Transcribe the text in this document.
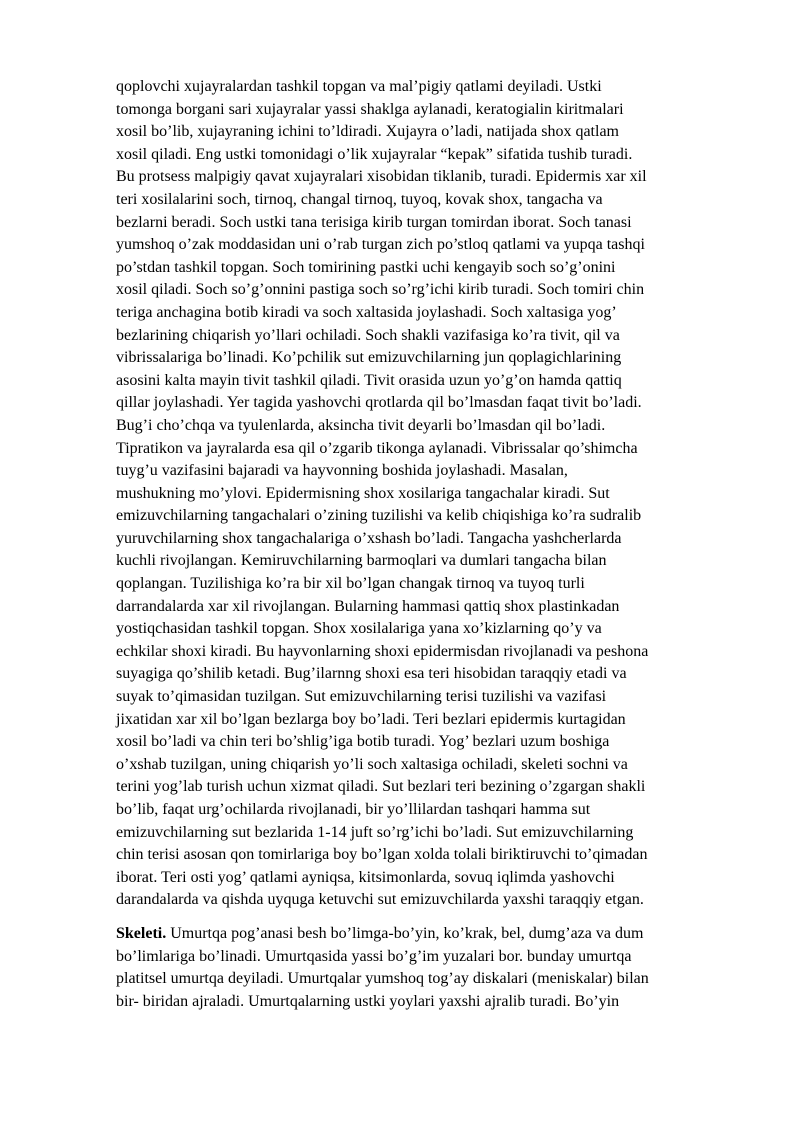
qoplovchi xujayralardan tashkil topgan va mal’pigiy qatlami deyiladi. Ustki
tomonga borgani sari xujayralar yassi shaklga aylanadi, keratogialin kiritmalari
xosil bo’lib, xujayraning ichini to’ldiradi. Xujayra o’ladi, natijada shox qatlam
xosil qiladi. Eng ustki tomonidagi o’lik xujayralar “kepak” sifatida tushib turadi.
Bu protsess malpigiy qavat xujayralari xisobidan tiklanib, turadi. Epidermis xar xil
teri xosilalarini soch, tirnoq, changal tirnoq, tuyoq, kovak shox, tangacha va
bezlarni beradi. Soch ustki tana terisiga kirib turgan tomirdan iborat. Soch tanasi
yumshoq o’zak moddasidan uni o’rab turgan zich po’stloq qatlami va yupqa tashqi
po’stdan tashkil topgan. Soch tomirining pastki uchi kengayib soch so’g’onini
xosil qiladi. Soch so’g’onnini pastiga soch so’rg’ichi kirib turadi. Soch tomiri chin
teriga anchagina botib kiradi va soch xaltasida joylashadi. Soch xaltasiga yog’
bezlarining chiqarish yo’llari ochiladi. Soch shakli vazifasiga ko’ra tivit, qil va
vibrissalariga bo’linadi. Ko’pchilik sut emizuvchilarning jun qoplagichlarining
asosini kalta mayin tivit tashkil qiladi. Tivit orasida uzun yo’g’on hamda qattiq
qillar joylashadi. Yer tagida yashovchi qrotlarda qil bo’lmasdan faqat tivit bo’ladi.
Bug’i cho’chqa va tyulenlarda, aksincha tivit deyarli bo’lmasdan qil bo’ladi.
Tipratikon va jayralarda esa qil o’zgarib tikonga aylanadi. Vibrissalar qo’shimcha
tuyg’u vazifasini bajaradi va hayvonning boshida joylashadi. Masalan,
mushukning mo’ylovi. Epidermisning shox xosilariga tangachalar kiradi. Sut
emizuvchilarning tangachalari o’zining tuzilishi va kelib chiqishiga ko’ra sudralib
yuruvchilarning shox tangachalariga o’xshash bo’ladi. Tangacha yashcherlarda
kuchli rivojlangan. Kemiruvchilarning barmoqlari va dumlari tangacha bilan
qoplangan. Tuzilishiga ko’ra bir xil bo’lgan changak tirnoq va tuyoq turli
darrandalarda xar xil rivojlangan. Bularning hammasi qattiq shox plastinkadan
yostiqchasidan tashkil topgan. Shox xosilalariga yana xo’kizlarning qo’y va
echkilar shoxi kiradi. Bu hayvonlarning shoxi epidermisdan rivojlanadi va peshona
suyagiga qo’shilib ketadi. Bug’ilarnng shoxi esa teri hisobidan taraqqiy etadi va
suyak to’qimasidan tuzilgan. Sut emizuvchilarning terisi tuzilishi va vazifasi
jixatidan xar xil bo’lgan bezlarga boy bo’ladi. Teri bezlari epidermis kurtagidan
xosil bo’ladi va chin teri bo’shlig’iga botib turadi. Yog’ bezlari uzum boshiga
o’xshab tuzilgan, uning chiqarish yo’li soch xaltasiga ochiladi, skeleti sochni va
terini yog’lab turish uchun xizmat qiladi. Sut bezlari teri bezining o’zgargan shakli
bo’lib, faqat urg’ochilarda rivojlanadi, bir yo’llilardan tashqari hamma sut
emizuvchilarning sut bezlarida 1-14 juft so’rg’ichi bo’ladi. Sut emizuvchilarning
chin terisi asosan qon tomirlariga boy bo’lgan xolda tolali biriktiruvchi to’qimadan
iborat. Teri osti yog’ qatlami ayniqsa, kitsimonlarda, sovuq iqlimda yashovchi
darandalarda va qishda uyquga ketuvchi sut emizuvchilarda yaxshi taraqqiy etgan.
Skeleti. Umurtqa pog’anasi besh bo’limga-bo’yin, ko’krak, bel, dumg’aza va dum
bo’limlariga bo’linadi. Umurtqasida yassi bo’g’im yuzalari bor. bunday umurtqa
platitsel umurtqa deyiladi. Umurtqalar yumshoq tog’ay diskalari (meniskalar) bilan
bir- biridan ajraladi. Umurtqalarning ustki yoylari yaxshi ajralib turadi. Bo’yin
